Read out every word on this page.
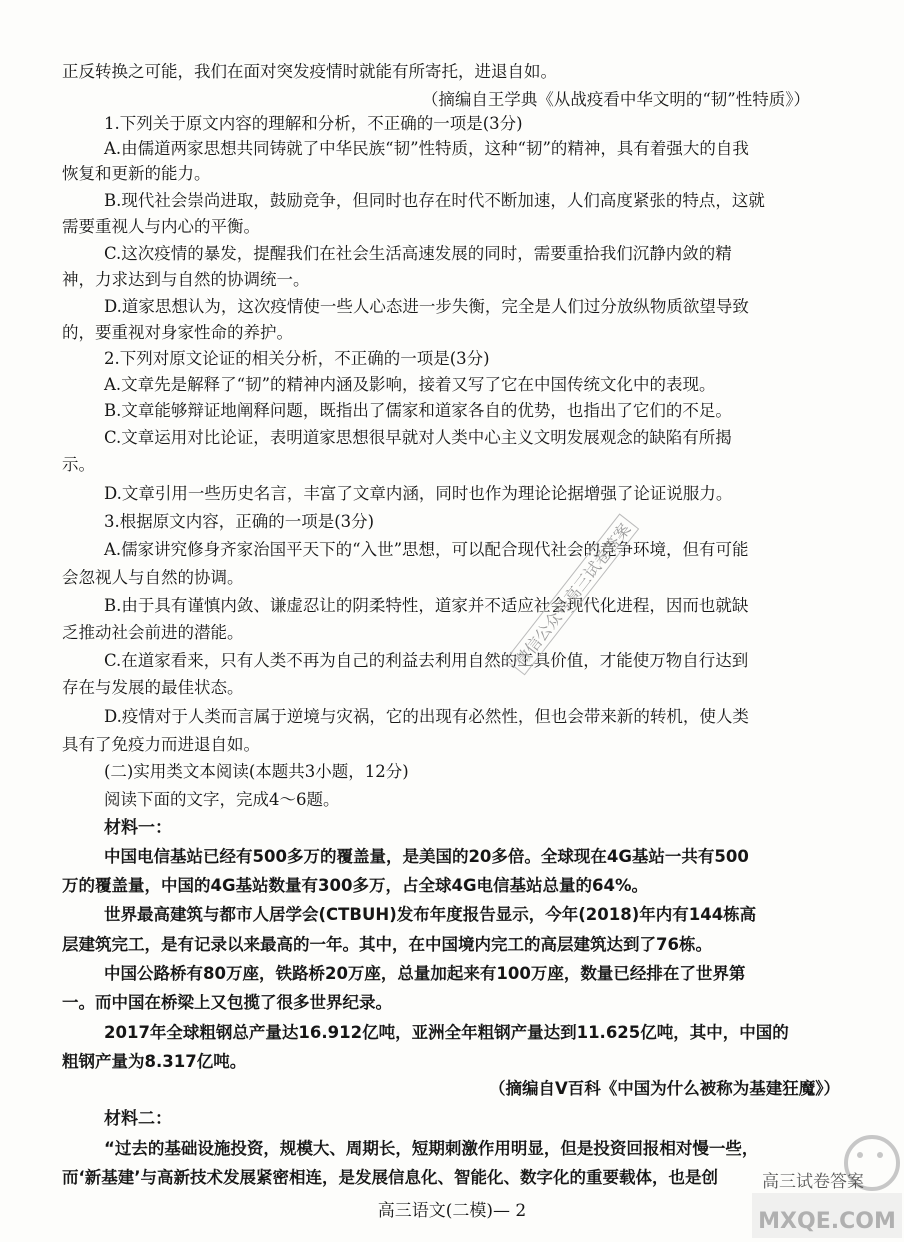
正反转换之可能，我们在面对突发疫情时就能有所寄托，进退自如。
（摘编自王学典《从战疫看中华文明的“韧”性特质》）
1.下列关于原文内容的理解和分析，不正确的一项是(3分)
A.由儒道两家思想共同铸就了中华民族“韧”性特质，这种“韧”的精神，具有着强大的自我
恢复和更新的能力。
B.现代社会崇尚进取，鼓励竞争，但同时也存在时代不断加速，人们高度紧张的特点，这就
需要重视人与内心的平衡。
C.这次疫情的暴发，提醒我们在社会生活高速发展的同时，需要重拾我们沉静内敛的精
神，力求达到与自然的协调统一。
D.道家思想认为，这次疫情使一些人心态进一步失衡，完全是人们过分放纵物质欲望导致
的，要重视对身家性命的养护。
2.下列对原文论证的相关分析，不正确的一项是(3分)
A.文章先是解释了“韧”的精神内涵及影响，接着又写了它在中国传统文化中的表现。
B.文章能够辩证地阐释问题，既指出了儒家和道家各自的优势，也指出了它们的不足。
C.文章运用对比论证，表明道家思想很早就对人类中心主义文明发展观念的缺陷有所揭
示。
D.文章引用一些历史名言，丰富了文章内涵，同时也作为理论论据增强了论证说服力。
3.根据原文内容，正确的一项是(3分)
A.儒家讲究修身齐家治国平天下的“入世”思想，可以配合现代社会的竞争环境，但有可能
会忽视人与自然的协调。
B.由于具有谨慎内敛、谦虚忍让的阴柔特性，道家并不适应社会现代化进程，因而也就缺
乏推动社会前进的潜能。
C.在道家看来，只有人类不再为自己的利益去利用自然的工具价值，才能使万物自行达到
存在与发展的最佳状态。
D.疫情对于人类而言属于逆境与灾祸，它的出现有必然性，但也会带来新的转机，使人类
具有了免疫力而进退自如。
(二)实用类文本阅读(本题共3小题，12分)
阅读下面的文字，完成4～6题。
材料一：
中国电信基站已经有500多万的覆盖量，是美国的20多倍。全球现在4G基站一共有500
万的覆盖量，中国的4G基站数量有300多万，占全球4G电信基站总量的64%。
世界最高建筑与都市人居学会(CTBUH)发布年度报告显示，今年(2018)年内有144栋高
层建筑完工，是有记录以来最高的一年。其中，在中国境内完工的高层建筑达到了76栋。
中国公路桥有80万座，铁路桥20万座，总量加起来有100万座，数量已经排在了世界第
一。而中国在桥梁上又包揽了很多世界纪录。
2017年全球粗钢总产量达16.912亿吨，亚洲全年粗钢产量达到11.625亿吨，其中，中国的
粗钢产量为8.317亿吨。
（摘编自V百科《中国为什么被称为基建狂魔》）
材料二：
“过去的基础设施投资，规模大、周期长，短期刺激作用明显，但是投资回报相对慢一些，
而‘新基建’与高新技术发展紧密相连，是发展信息化、智能化、数字化的重要载体，也是创
微信公众号高三试卷答案
高三语文(二模)— 2	MXQE.COM
高三试卷答案
